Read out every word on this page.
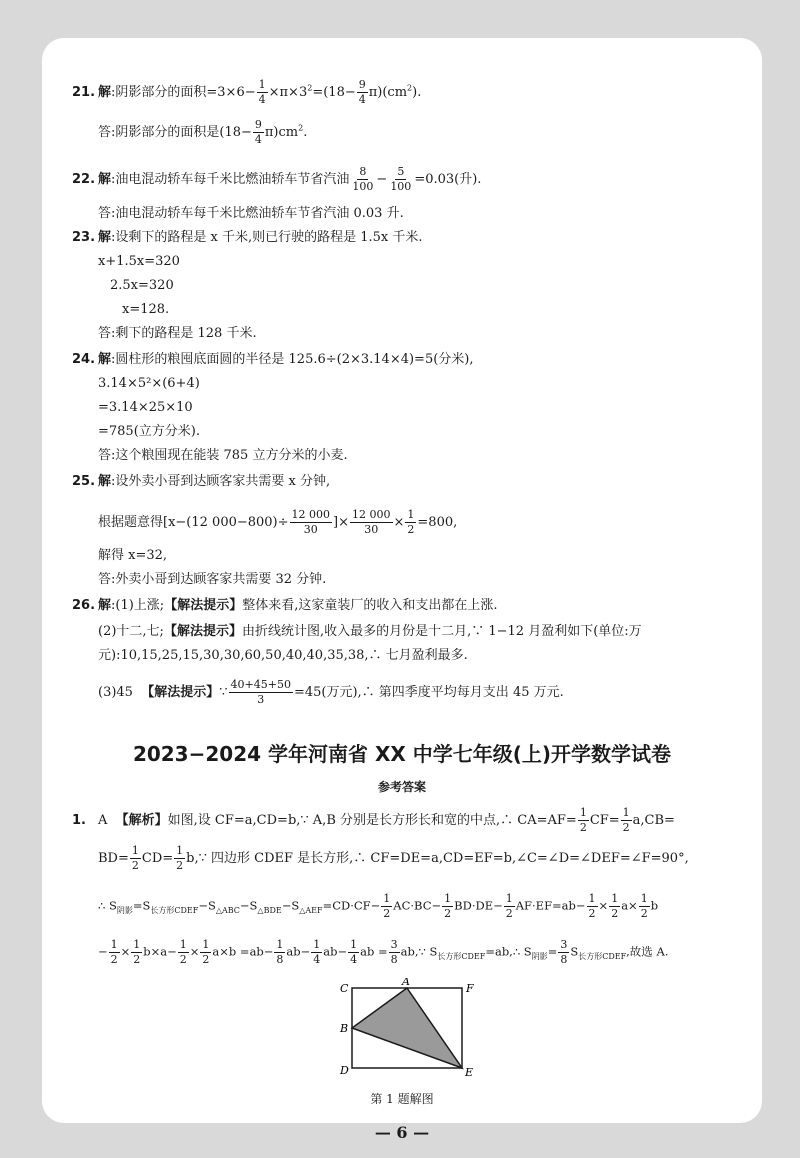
21. 解:阴影部分的面积$=3\times 6- \frac{1}{4} \times\pi\times 3^2=(18- \frac{9}{4} \pi)(cm^2)$.
答:阴影部分的面积是$(18- \frac{9}{4} \pi)cm^2$.
22. 解:油电混动轿车每千米比燃油轿车节省汽油 $\frac{8}{100} - \frac{5}{100} =0.03$(升).
答:油电混动轿车每千米比燃油轿车节省汽油 0.03 升.
23. 解:设剩下的路程是 x 千米,则已行驶的路程是 1.5x 千米.
x+1.5x=320
2.5x=320
x=128.
答:剩下的路程是 128 千米.
24. 解:圆柱形的粮囤底面圆的半径是 125.6÷(2×3.14×4)=5(分米),
3.14×5²×(6+4)
=3.14×25×10
=785(立方分米).
答:这个粮囤现在能装 785 立方分米的小麦.
25. 解:设外卖小哥到达顾客家共需要 x 分钟,
根据题意得[x−(12 $000-800)\div \frac{12 000}{30}$ ]× $\frac{12 000}{30} \times \frac{1}{2} =800$,
解得 x=32,
答:外卖小哥到达顾客家共需要 32 分钟.
26. 解:(1)上涨;【解法提示】整体来看,这家童装厂的收入和支出都在上涨.
(2)十二,七;【解法提示】由折线统计图,收入最多的月份是十二月,∵ 1−12 月盈利如下(单位:万
元):10,15,25,15,30,30,60,50,40,40,35,38,∴ 七月盈利最多.
(3)45 【解法提示】∵ $\frac{40+45+50}{3} =45$(万元),∴ 第四季度平均每月支出 45 万元.
2023−2024 学年河南省 XX 中学七年级(上)开学数学试卷
参考答案
1. A 【解析】如图,设 CF=a,CD=b,∵ A,B 分别是长方形长和宽的中点,∴ $CA=AF= \frac{1}{2} CF= \frac{1}{2} a,CB=$
$BD= \frac{1}{2} CD= \frac{1}{2}$ b,∵ 四边形 CDEF 是长方形,∴ CF=DE=a,CD=EF=b,∠C=∠D=∠DEF=∠F=90°,
∴ $S_{阴影}=S_{长方形CDEF}-S_{\triangle ABC}-S_{\triangle BDE}-S_{\triangle AEF}=CD\cdot CF- \frac{1}{2} AC\cdot BC- \frac{1}{2} BD\cdot DE- \frac{1}{2} AF\cdot EF=ab- \frac{1}{2} \times \frac{1}{2} a\times \frac{1}{2}$ b
− $\frac{1}{2} \times \frac{1}{2} b\times a- \frac{1}{2} \times \frac{1}{2} a\times b =ab- \frac{1}{8} ab- \frac{1}{4} ab- \frac{1}{4}$ ab = $\frac{3}{8}$ ab,∵ $S_{长方形CDEF}=ab,\therefore$ $S_{阴影}= \frac{3}{8} S_{长方形CDEF}$,故选 A.
C
A
F
B
D	E
第 1 题解图
— 6 —
